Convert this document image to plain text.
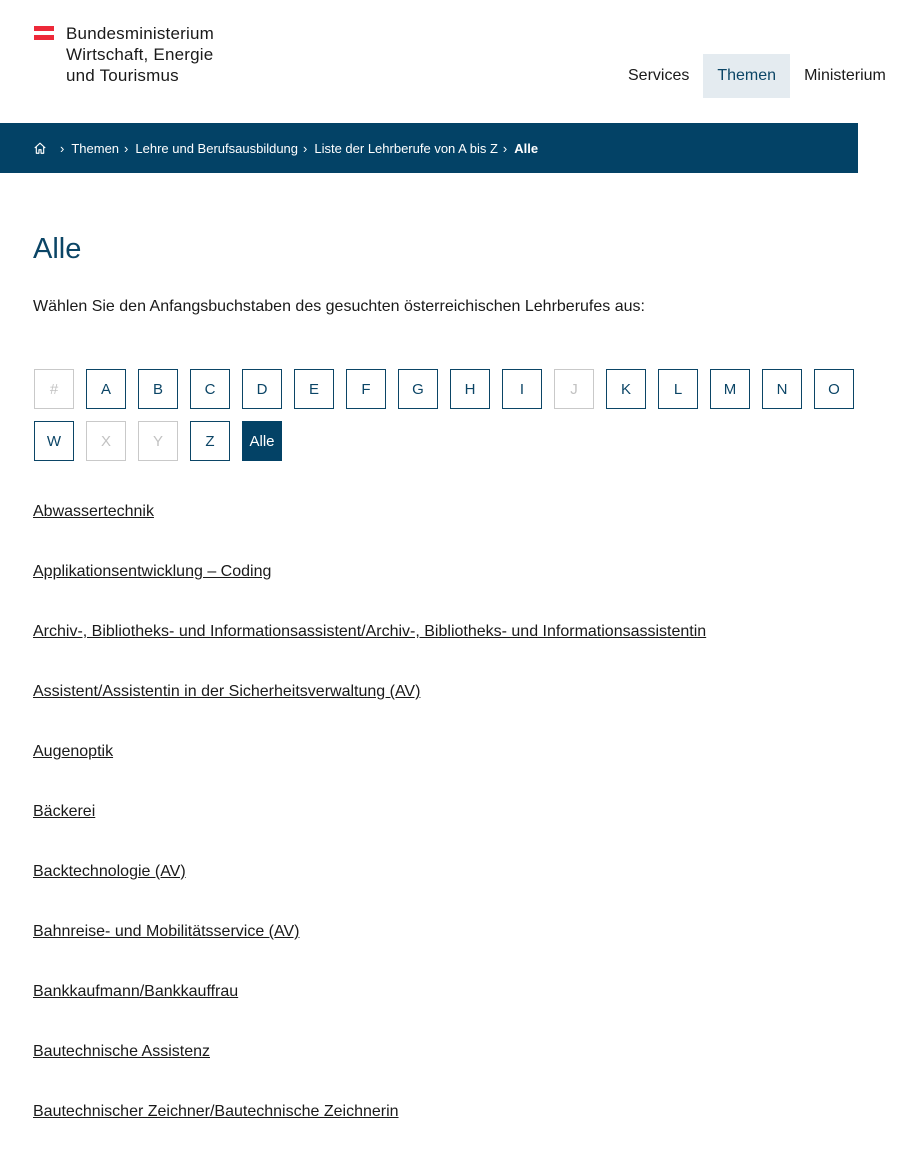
Bundesministerium
Wirtschaft, Energie
und Tourismus	Services	Themen	Ministerium
› Themen › Lehre und Berufsausbildung › Liste der Lehrberufe von A bis Z › Alle
Alle

Wählen Sie den Anfangsbuchstaben des gesuchten österreichischen Lehrberufes aus:

#	A	B	C	D	E	F	G	H	I	J	K	L	M	N	O
W	X	Y	Z	Alle
Abwassertechnik
Applikationsentwicklung – Coding
Archiv-, Bibliotheks- und Informationsassistent/Archiv-, Bibliotheks- und Informationsassistentin
Assistent/Assistentin in der Sicherheitsverwaltung (AV)
Augenoptik
Bäckerei
Backtechnologie (AV)
Bahnreise- und Mobilitätsservice (AV)
Bankkaufmann/Bankkauffrau
Bautechnische Assistenz
Bautechnischer Zeichner/Bautechnische Zeichnerin
